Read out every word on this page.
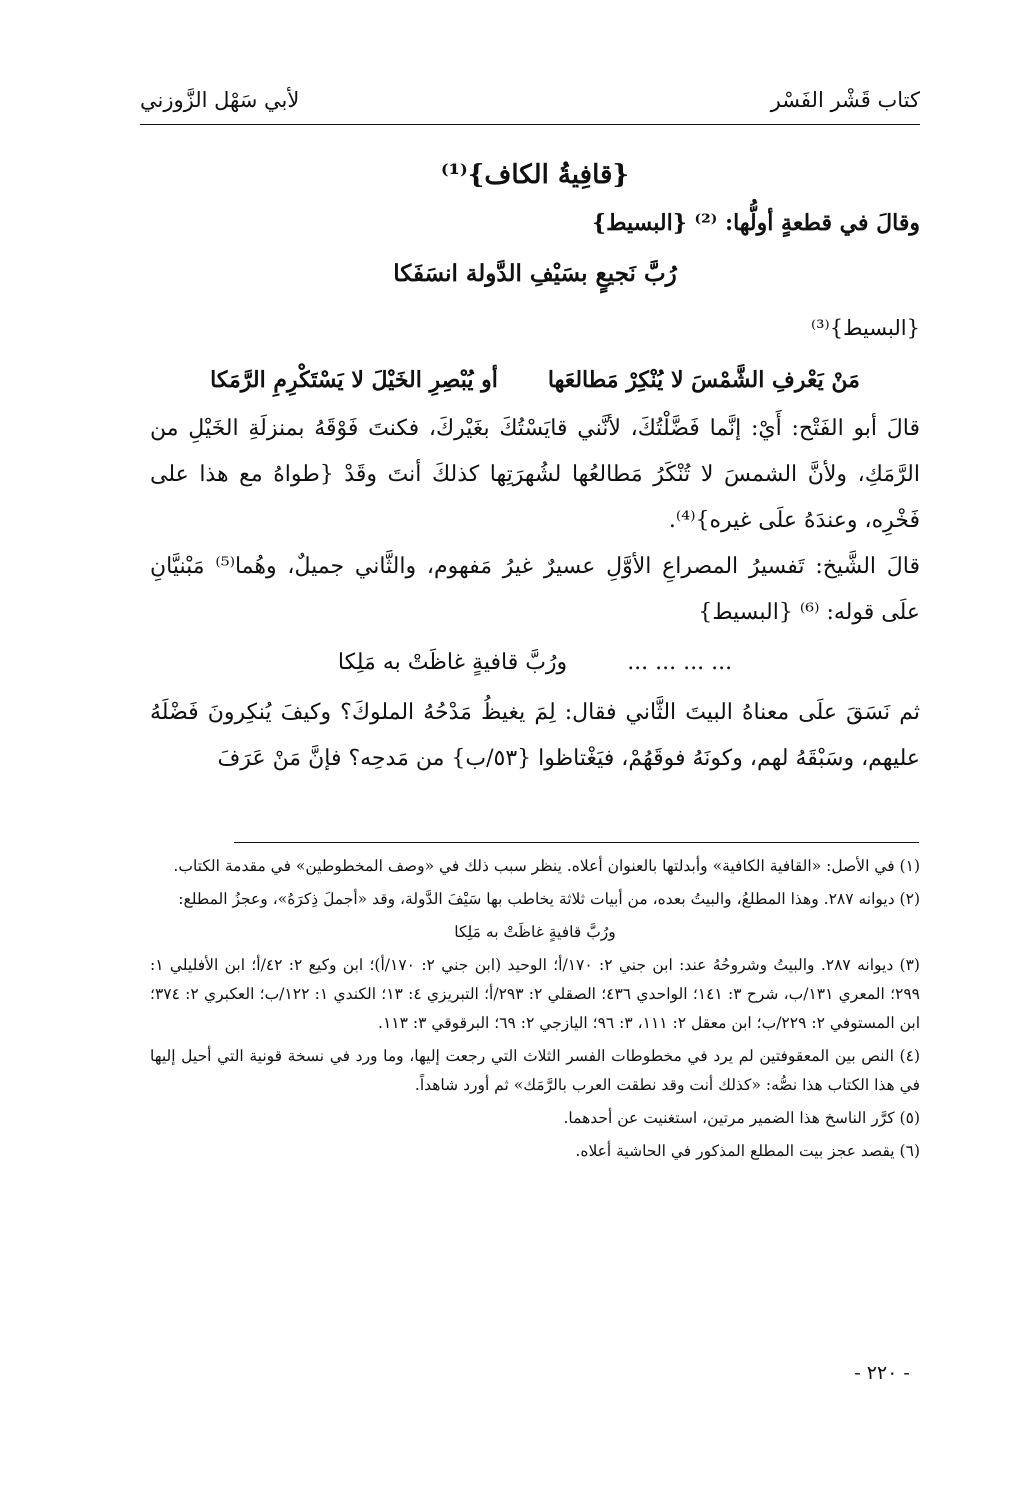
كتاب قَشْر الفَسْر
لأبي سَهْل الزَّوزني
{قافِيةُ الكاف}⁽¹⁾

وقالَ في قطعةٍ أولُّها: ⁽²⁾ {البسيط}

رُبَّ نَجيعٍ بسَيْفِ الدَّولة انسَفَكا
{البسيط}⁽³⁾
مَنْ يَعْرفِ الشَّمْسَ لا يُنْكِرْ مَطالعَها
أو يُبْصِرِ الخَيْلَ لا يَسْتَكْرِمِ الرَّمَكا

قالَ أبو الفَتْح: أَيْ: إنَّما فَضَّلْتُكَ، لأنَّني قايَسْتُكَ بغَيْركَ، فكنتَ فَوْقَهُ بمنزلَةِ الخَيْلِ من الرَّمَكِ، ولأنَّ الشمسَ لا تُنْكَرُ مَطالعُها لشُهرَتِها كذلكَ أنتَ وقَدْ {طواهُ مع هذا على فَخْرِه، وعندَهُ علَى غيره}⁽⁴⁾.

قالَ الشَّيخ: تَفسيرُ المصراعِ الأوَّلِ عسيرٌ غيرُ مَفهوم، والثَّاني جميلٌ، وهُما⁽⁵⁾ مَبْنيَّانِ علَى قوله: ⁽⁶⁾ {البسيط}

... ... ... ...
ورُبَّ قافيةٍ غاظَتْ به مَلِكا

ثم نَسَقَ علَى معناهُ البيتَ الثَّاني فقال: لِمَ يغيظُ مَدْحُهُ الملوكَ؟ وكيفَ يُنكِرونَ فَضْلَهُ عليهم، وسَبْقَهُ لهم، وكونَهُ فوقَهُمْ، فيَغْتاظوا {٥٣/ب} من مَدحِه؟ فإنَّ مَنْ عَرَفَ

(١) في الأصل: «القافية الكافية» وأبدلتها بالعنوان أعلاه. ينظر سبب ذلك في «وصف المخطوطين» في مقدمة الكتاب.

(٢) ديوانه ٢٨٧. وهذا المطلعُ، والبيتُ بعده، من أبيات ثلاثة يخاطب بها سَيْفَ الدَّولة، وقد «أجملَ ذِكرَهُ»، وعجزُ المطلع:

ورُبَّ قافيةٍ غاظَتْ به مَلِكا

(٣) ديوانه ٢٨٧. والبيتُ وشروحُهُ عند: ابن جني ٢: ١٧٠/أ؛ الوحيد (ابن جني ٢: ١٧٠/أ)؛ ابن وكيع ٢: ٤٢/أ؛ ابن الأفليلي ١: ٢٩٩؛ المعري ١٣١/ب، شرح ٣: ١٤١؛ الواحدي ٤٣٦؛ الصقلي ٢: ٢٩٣/أ؛ التبريزي ٤: ١٣؛ الكندي ١: ١٢٢/ب؛ العكبري ٢: ٣٧٤؛ ابن المستوفي ٢: ٢٢٩/ب؛ ابن معقل ٢: ١١١، ٣: ٩٦؛ اليازجي ٢: ٦٩؛ البرقوقي ٣: ١١٣.

(٤) النص بين المعقوفتين لم يرد في مخطوطات الفسر الثلاث التي رجعت إليها، وما ورد في نسخة قونية التي أحيل إليها في هذا الكتاب هذا نصُّه: «كذلك أنت وقد نطقت العرب بالرَّمَك» ثم أورد شاهداً.

(٥) كرَّر الناسخ هذا الضمير مرتين، استغنيت عن أحدهما.

(٦) يقصد عجز بيت المطلع المذكور في الحاشية أعلاه.

- ٢٢٠ -
